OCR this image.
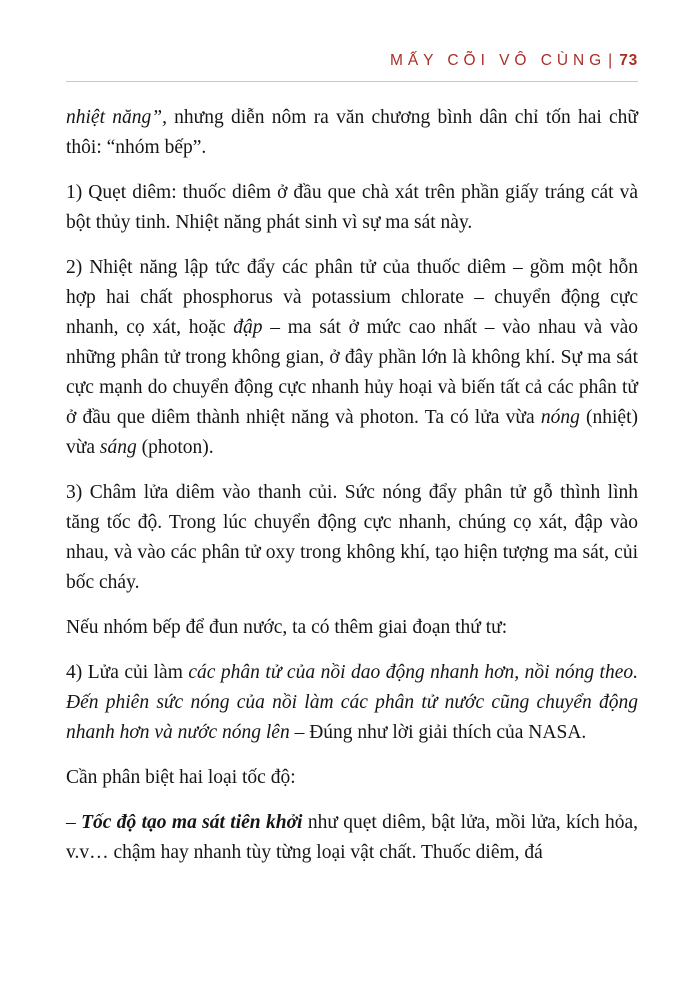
MẤY CÕI VÔ CÙNG | 73

nhiệt năng”, nhưng diễn nôm ra văn chương bình dân chỉ tốn hai chữ thôi: “nhóm bếp”.

1) Quẹt diêm: thuốc diêm ở đầu que chà xát trên phần giấy tráng cát và bột thủy tinh. Nhiệt năng phát sinh vì sự ma sát này.

2) Nhiệt năng lập tức đẩy các phân tử của thuốc diêm – gồm một hỗn hợp hai chất phosphorus và potassium chlorate – chuyển động cực nhanh, cọ xát, hoặc đập – ma sát ở mức cao nhất – vào nhau và vào những phân tử trong không gian, ở đây phần lớn là không khí. Sự ma sát cực mạnh do chuyển động cực nhanh hủy hoại và biến tất cả các phân tử ở đầu que diêm thành nhiệt năng và photon. Ta có lửa vừa nóng (nhiệt) vừa sáng (photon).

3) Châm lửa diêm vào thanh củi. Sức nóng đẩy phân tử gỗ thình lình tăng tốc độ. Trong lúc chuyển động cực nhanh, chúng cọ xát, đập vào nhau, và vào các phân tử oxy trong không khí, tạo hiện tượng ma sát, củi bốc cháy.

Nếu nhóm bếp để đun nước, ta có thêm giai đoạn thứ tư:

4) Lửa củi làm các phân tử của nồi dao động nhanh hơn, nồi nóng theo. Đến phiên sức nóng của nồi làm các phân tử nước cũng chuyển động nhanh hơn và nước nóng lên – Đúng như lời giải thích của NASA.

Cần phân biệt hai loại tốc độ:

– Tốc độ tạo ma sát tiên khởi như quẹt diêm, bật lửa, mồi lửa, kích hỏa, v.v… chậm hay nhanh tùy từng loại vật chất. Thuốc diêm, đá
